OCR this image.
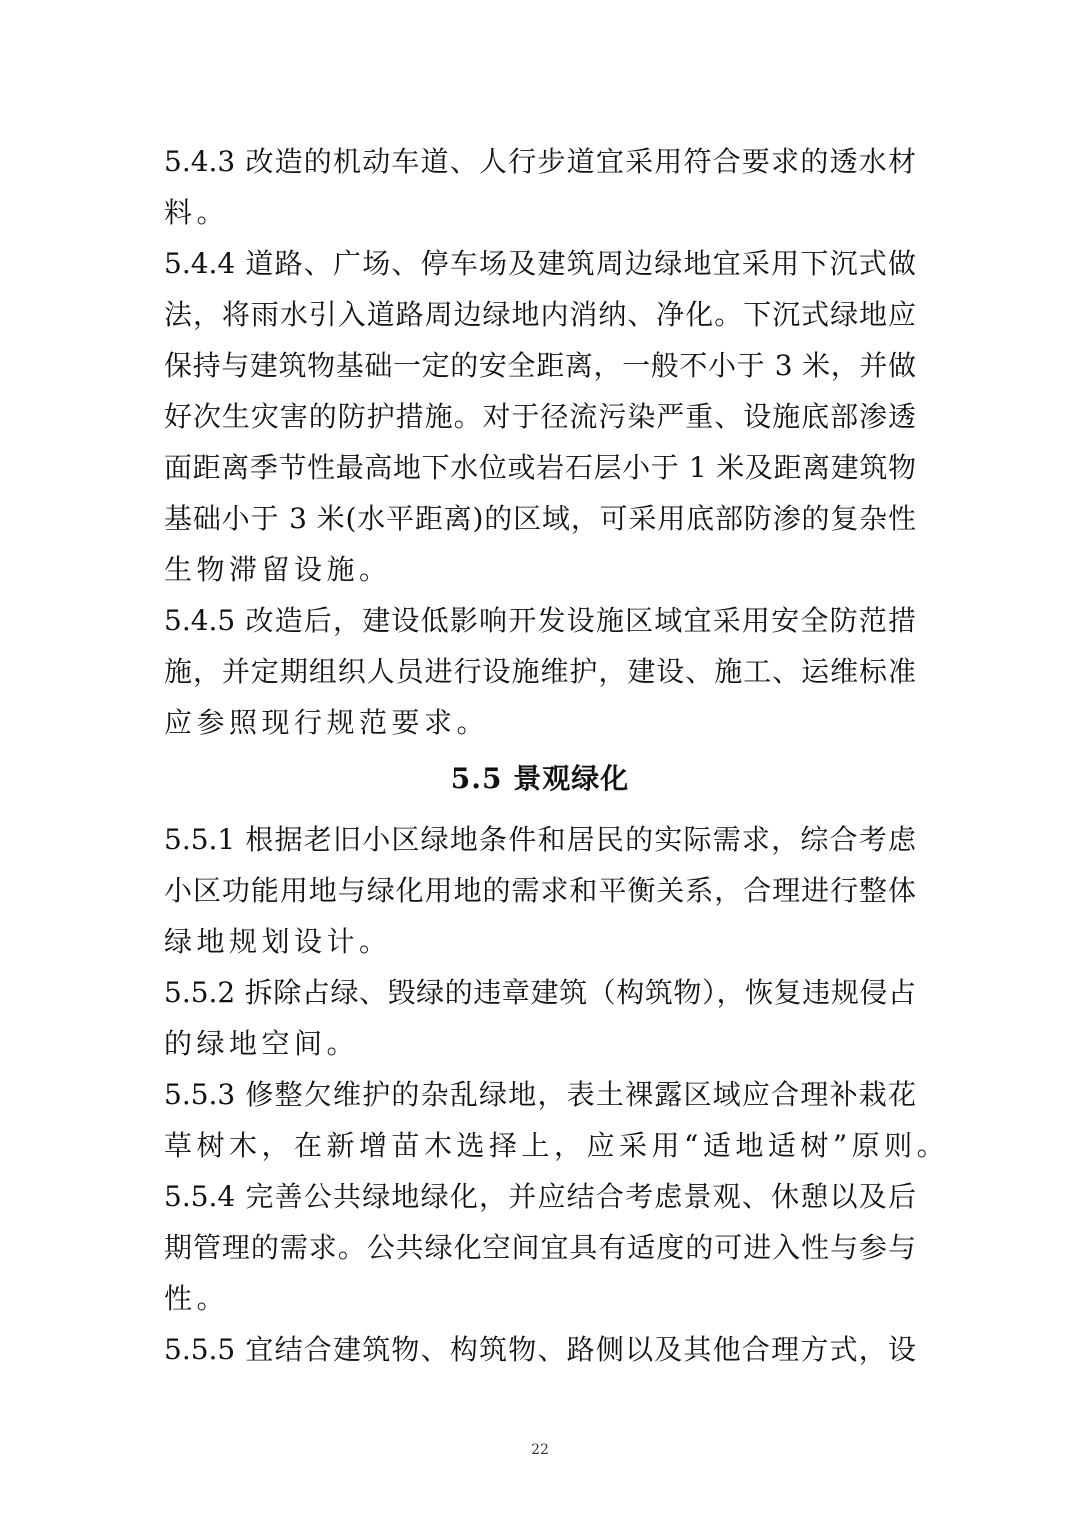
5.4.3 改造的机动车道、人行步道宜采用符合要求的透水材
料。
5.4.4 道路、广场、停车场及建筑周边绿地宜采用下沉式做
法，将雨水引入道路周边绿地内消纳、净化。下沉式绿地应
保持与建筑物基础一定的安全距离，一般不小于 3 米，并做
好次生灾害的防护措施。对于径流污染严重、设施底部渗透
面距离季节性最高地下水位或岩石层小于 1 米及距离建筑物
基础小于 3 米(水平距离)的区域，可采用底部防渗的复杂性
生物滞留设施。
5.4.5 改造后，建设低影响开发设施区域宜采用安全防范措
施，并定期组织人员进行设施维护，建设、施工、运维标准
应参照现行规范要求。
5.5 景观绿化
5.5.1 根据老旧小区绿地条件和居民的实际需求，综合考虑
小区功能用地与绿化用地的需求和平衡关系，合理进行整体
绿地规划设计。
5.5.2 拆除占绿、毁绿的违章建筑（构筑物），恢复违规侵占
的绿地空间。
5.5.3 修整欠维护的杂乱绿地，表土裸露区域应合理补栽花
草树木，在新增苗木选择上，应采用“适地适树”原则。
5.5.4 完善公共绿地绿化，并应结合考虑景观、休憩以及后
期管理的需求。公共绿化空间宜具有适度的可进入性与参与
性。
5.5.5 宜结合建筑物、构筑物、路侧以及其他合理方式，设
22
